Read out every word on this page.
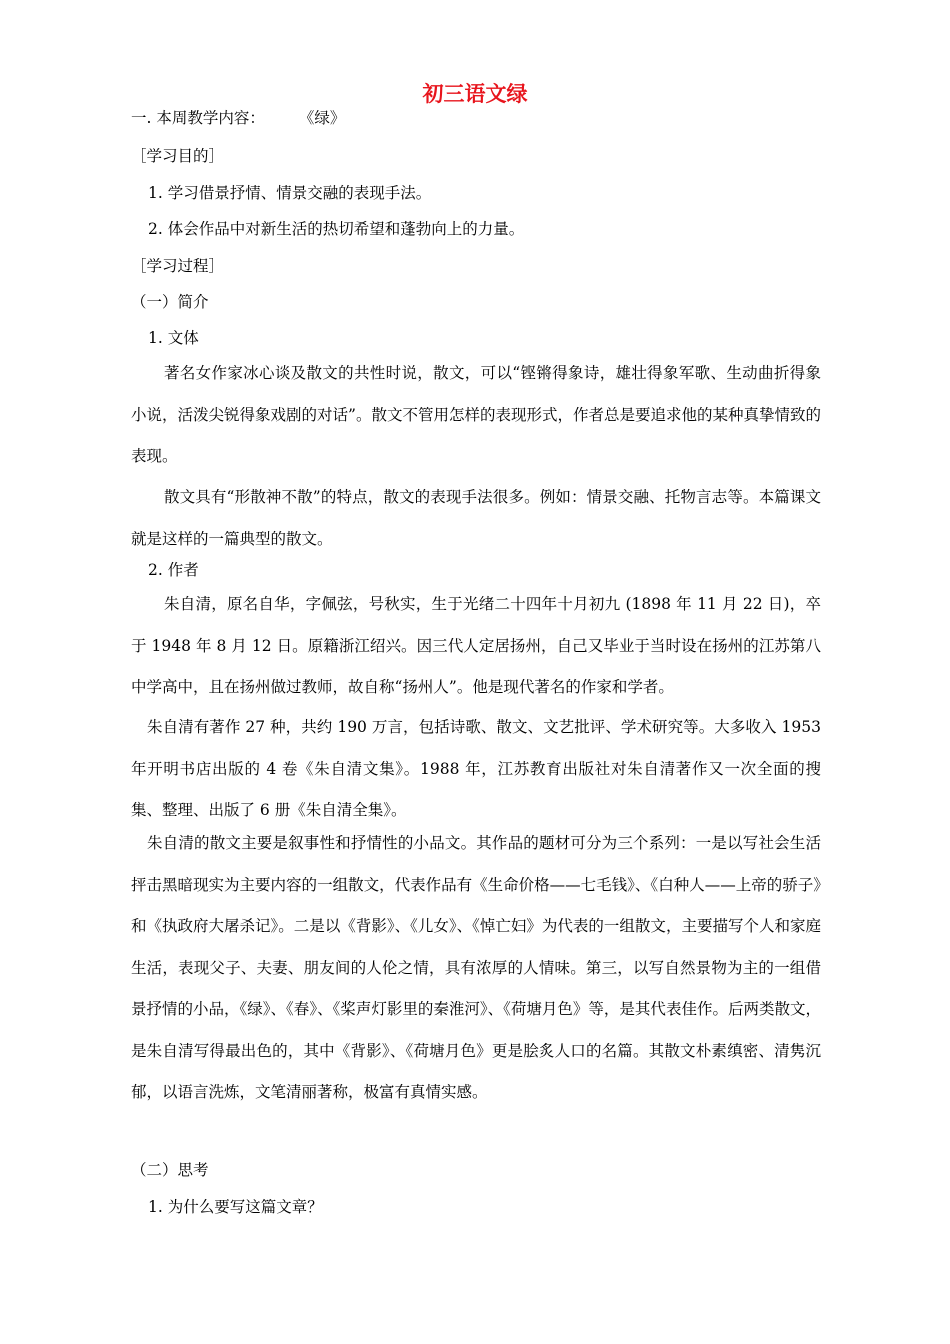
初三语文绿
一. 本周教学内容： 《绿》
［学习目的］
1. 学习借景抒情、情景交融的表现手法。
2. 体会作品中对新生活的热切希望和蓬勃向上的力量。
［学习过程］
（一）简介
1. 文体
著名女作家冰心谈及散文的共性时说，散文，可以“铿锵得象诗，雄壮得象军歌、生动曲折得象小说，活泼尖锐得象戏剧的对话”。散文不管用怎样的表现形式，作者总是要追求他的某种真挚情致的表现。
散文具有“形散神不散”的特点，散文的表现手法很多。例如：情景交融、托物言志等。本篇课文就是这样的一篇典型的散文。
2. 作者
朱自清，原名自华，字佩弦，号秋实，生于光绪二十四年十月初九 (1898 年 11 月 22 日)，卒于 1948 年 8 月 12 日。原籍浙江绍兴。因三代人定居扬州，自己又毕业于当时设在扬州的江苏第八中学高中，且在扬州做过教师，故自称“扬州人”。他是现代著名的作家和学者。
朱自清有著作 27 种，共约 190 万言，包括诗歌、散文、文艺批评、学术研究等。大多收入 1953 年开明书店出版的 4 卷《朱自清文集》。1988 年，江苏教育出版社对朱自清著作又一次全面的搜集、整理、出版了 6 册《朱自清全集》。
朱自清的散文主要是叙事性和抒情性的小品文。其作品的题材可分为三个系列：一是以写社会生活抨击黑暗现实为主要内容的一组散文，代表作品有《生命价格——七毛钱》、《白种人——上帝的骄子》和《执政府大屠杀记》。二是以《背影》、《儿女》、《悼亡妇》为代表的一组散文，主要描写个人和家庭生活，表现父子、夫妻、朋友间的人伦之情，具有浓厚的人情味。第三，以写自然景物为主的一组借景抒情的小品，《绿》、《春》、《桨声灯影里的秦淮河》、《荷塘月色》等，是其代表佳作。后两类散文，是朱自清写得最出色的，其中《背影》、《荷塘月色》更是脍炙人口的名篇。其散文朴素缜密、清隽沉郁，以语言洗炼，文笔清丽著称，极富有真情实感。
（二）思考
1. 为什么要写这篇文章？
